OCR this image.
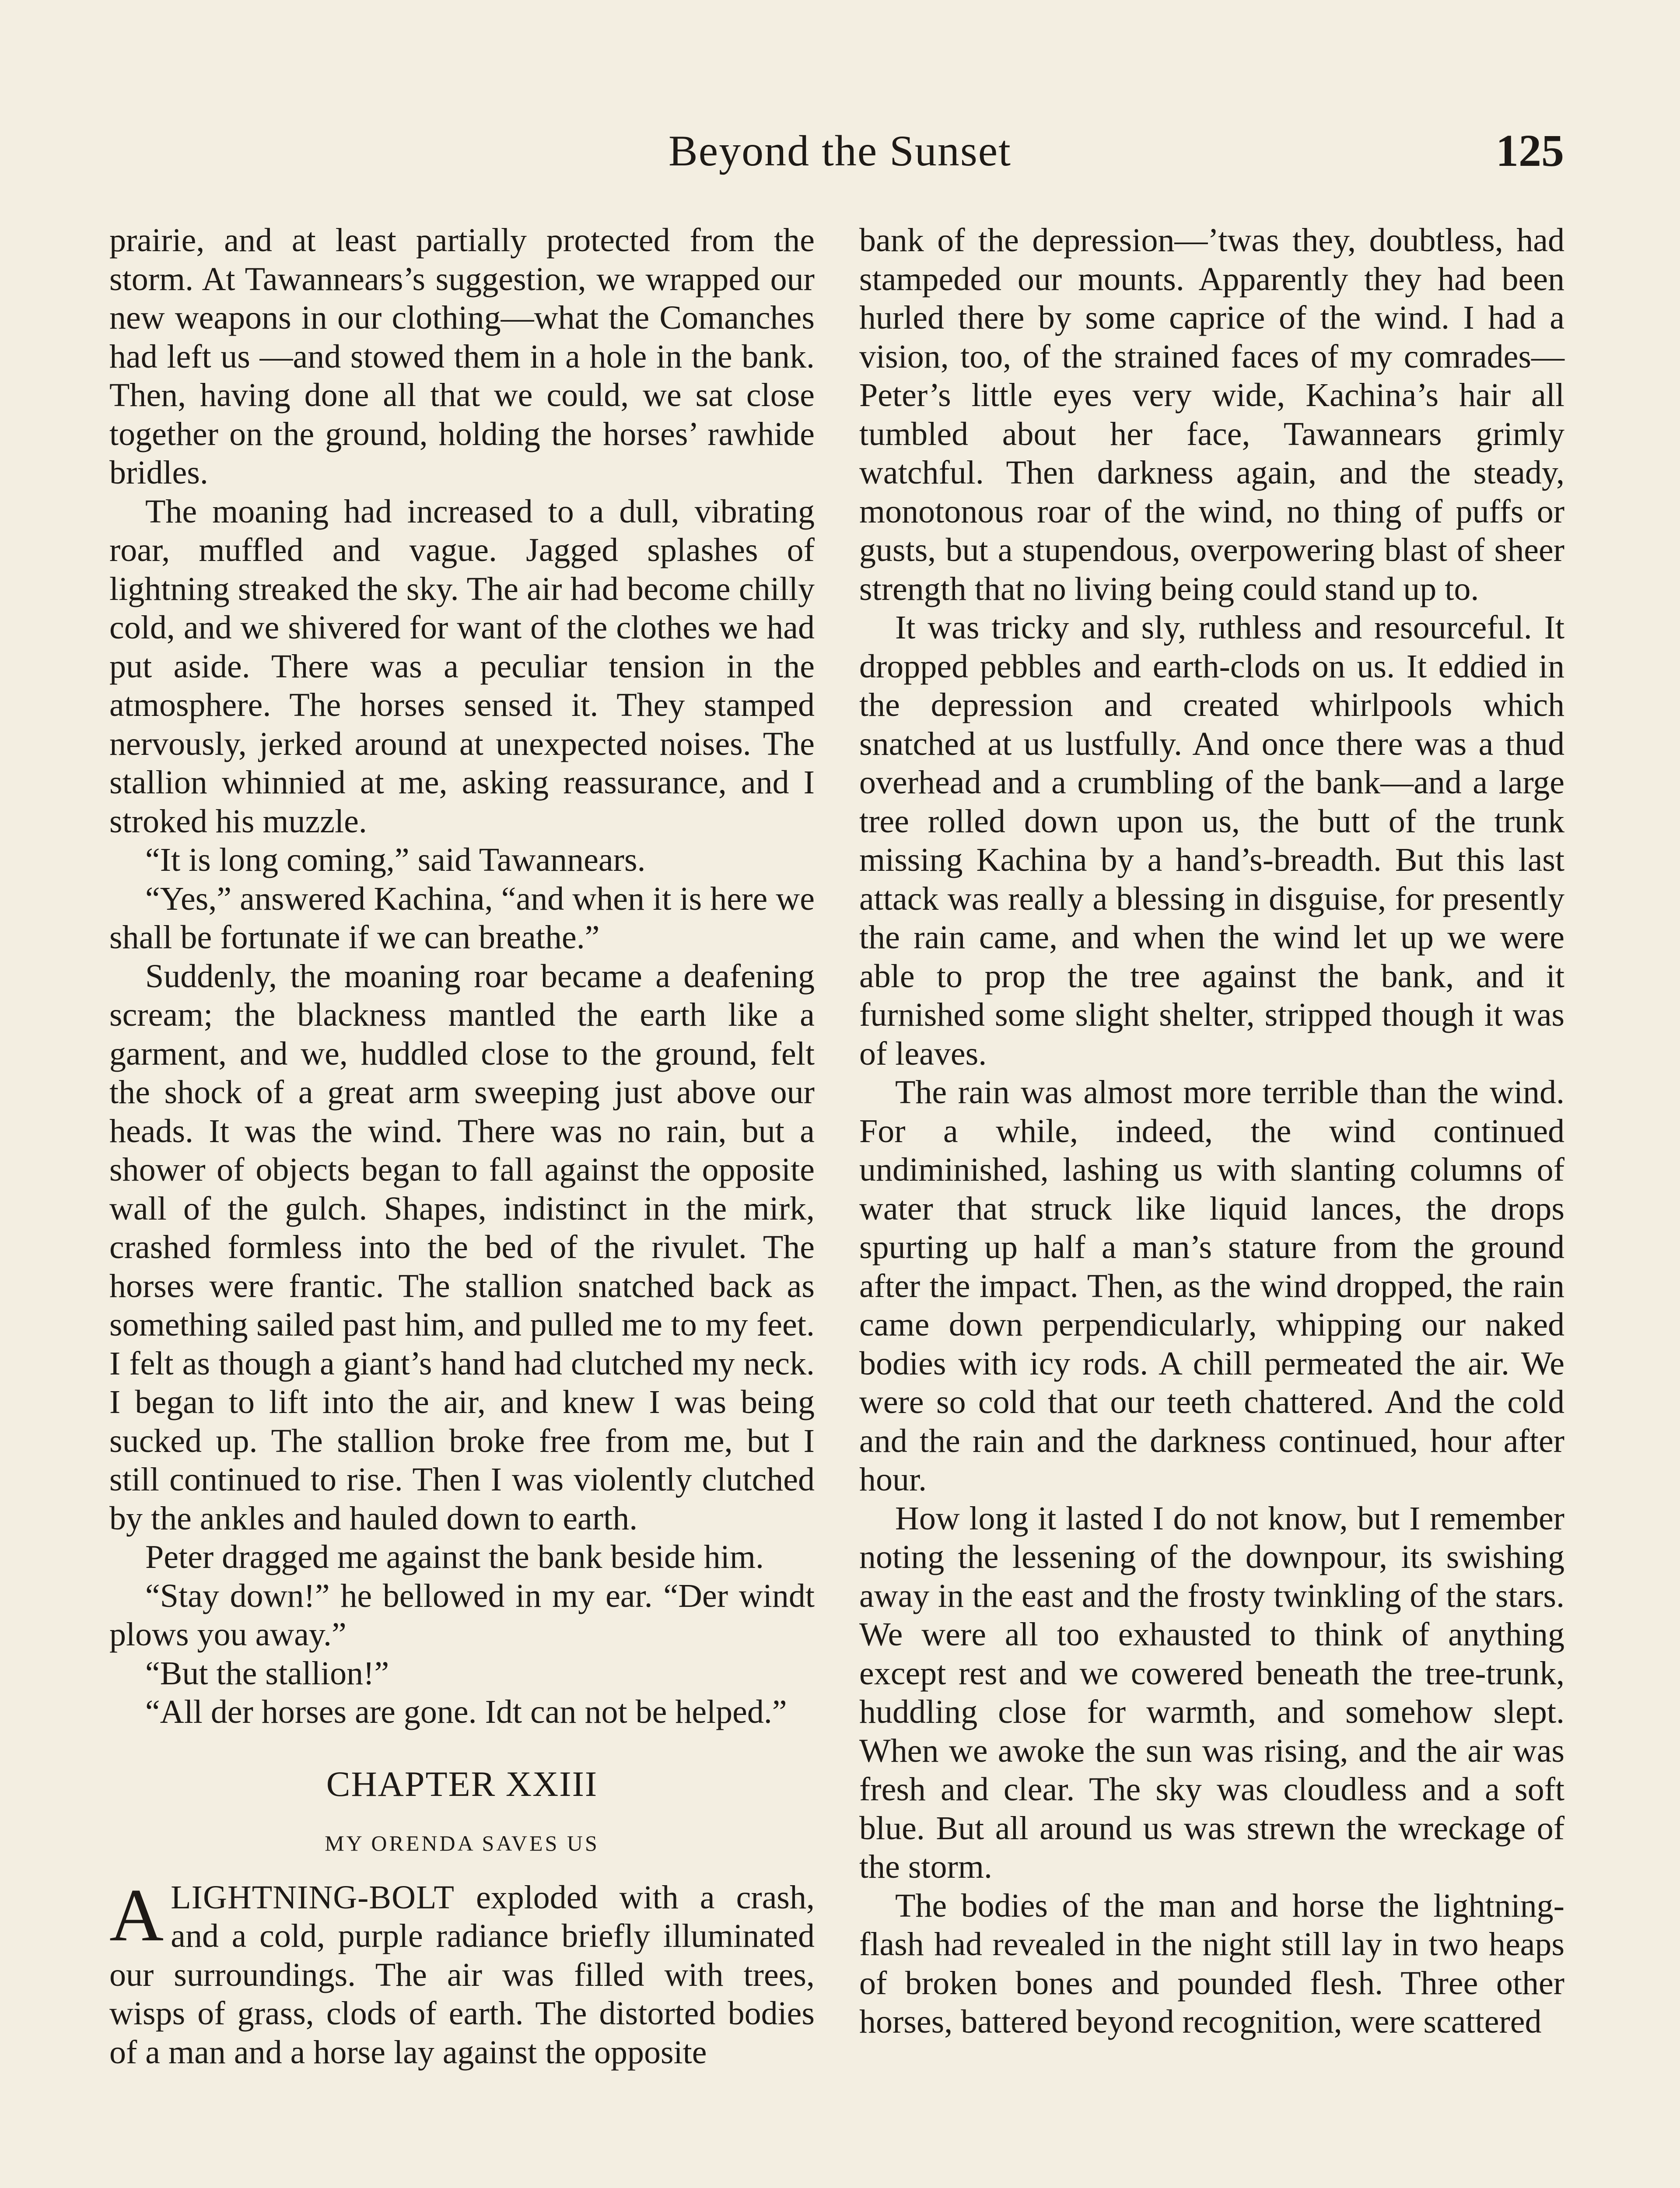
Beyond the Sunset	125

prairie, and at least partially protected from the storm. At Tawannears’s suggestion, we wrapped our new weapons in our clothing—what the Comanches had left us —and stowed them in a hole in the bank. Then, having done all that we could, we sat close together on the ground, holding the horses’ rawhide bridles.

The moaning had increased to a dull, vibrating roar, muffled and vague. Jagged splashes of lightning streaked the sky. The air had become chilly cold, and we shivered for want of the clothes we had put aside. There was a peculiar tension in the atmosphere. The horses sensed it. They stamped nervously, jerked around at unexpected noises. The stallion whinnied at me, asking reassurance, and I stroked his muzzle.

“It is long coming,” said Tawannears.

“Yes,” answered Kachina, “and when it is here we shall be fortunate if we can breathe.”

Suddenly, the moaning roar became a deafening scream; the blackness mantled the earth like a garment, and we, huddled close to the ground, felt the shock of a great arm sweeping just above our heads. It was the wind. There was no rain, but a shower of objects began to fall against the opposite wall of the gulch. Shapes, indistinct in the mirk, crashed formless into the bed of the rivulet. The horses were frantic. The stallion snatched back as something sailed past him, and pulled me to my feet. I felt as though a giant’s hand had clutched my neck. I began to lift into the air, and knew I was being sucked up. The stallion broke free from me, but I still continued to rise. Then I was violently clutched by the ankles and hauled down to earth.

Peter dragged me against the bank beside him.

“Stay down!” he bellowed in my ear. “Der windt plows you away.”

“But the stallion!”

“All der horses are gone. Idt can not be helped.”

CHAPTER XXIII
MY ORENDA SAVES US

ALIGHTNING-BOLT exploded with a crash, and a cold, purple radiance briefly illuminated our surroundings. The air was filled with trees, wisps of grass, clods of earth. The distorted bodies of a man and a horse lay against the opposite

bank of the depression—’twas they, doubtless, had stampeded our mounts. Apparently they had been hurled there by some caprice of the wind. I had a vision, too, of the strained faces of my comrades—Peter’s little eyes very wide, Kachina’s hair all tumbled about her face, Tawannears grimly watchful. Then darkness again, and the steady, monotonous roar of the wind, no thing of puffs or gusts, but a stupendous, overpowering blast of sheer strength that no living being could stand up to.

It was tricky and sly, ruthless and resourceful. It dropped pebbles and earth-clods on us. It eddied in the depression and created whirlpools which snatched at us lustfully. And once there was a thud overhead and a crumbling of the bank—and a large tree rolled down upon us, the butt of the trunk missing Kachina by a hand’s-breadth. But this last attack was really a blessing in disguise, for presently the rain came, and when the wind let up we were able to prop the tree against the bank, and it furnished some slight shelter, stripped though it was of leaves.

The rain was almost more terrible than the wind. For a while, indeed, the wind continued undiminished, lashing us with slanting columns of water that struck like liquid lances, the drops spurting up half a man’s stature from the ground after the impact. Then, as the wind dropped, the rain came down perpendicularly, whipping our naked bodies with icy rods. A chill permeated the air. We were so cold that our teeth chattered. And the cold and the rain and the darkness continued, hour after hour.

How long it lasted I do not know, but I remember noting the lessening of the downpour, its swishing away in the east and the frosty twinkling of the stars. We were all too exhausted to think of anything except rest and we cowered beneath the tree-trunk, huddling close for warmth, and somehow slept. When we awoke the sun was rising, and the air was fresh and clear. The sky was cloudless and a soft blue. But all around us was strewn the wreckage of the storm.

The bodies of the man and horse the lightning-flash had revealed in the night still lay in two heaps of broken bones and pounded flesh. Three other horses, battered beyond recognition, were scattered
